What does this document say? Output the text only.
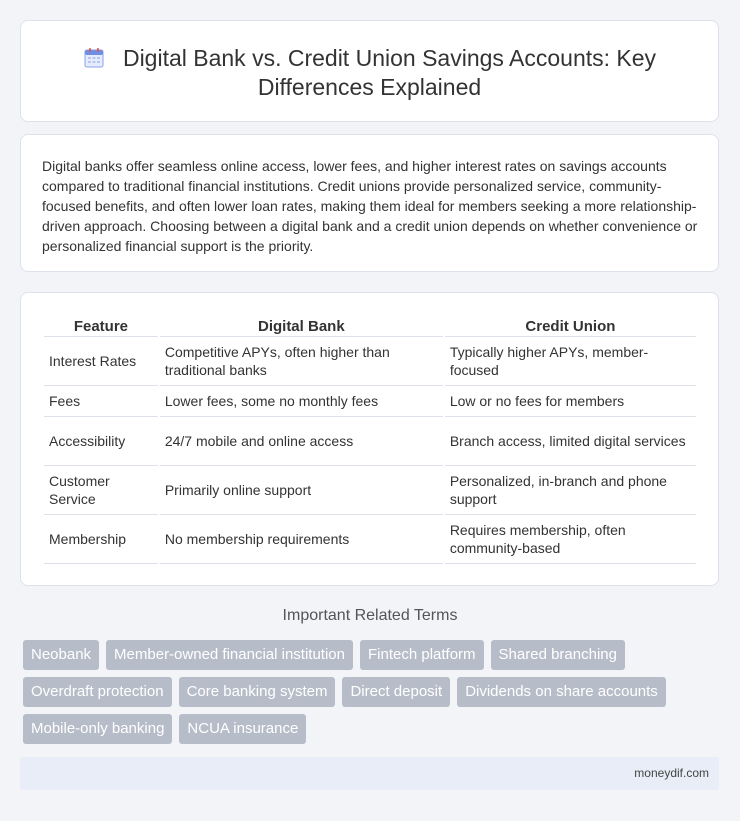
Digital Bank vs. Credit Union Savings Accounts: Key Differences Explained

Digital banks offer seamless online access, lower fees, and higher interest rates on savings accounts compared to traditional financial institutions. Credit unions provide personalized service, community-focused benefits, and often lower loan rates, making them ideal for members seeking a more relationship-driven approach. Choosing between a digital bank and a credit union depends on whether convenience or personalized financial support is the priority.

Feature	Digital Bank	Credit Union
Interest Rates	Competitive APYs, often higher than traditional banks	Typically higher APYs, member-focused
Fees	Lower fees, some no monthly fees	Low or no fees for members
Accessibility	24/7 mobile and online access	Branch access, limited digital services
Customer Service	Primarily online support	Personalized, in-branch and phone support
Membership	No membership requirements	Requires membership, often community-based
Important Related Terms
Neobank	Member-owned financial institution	Fintech platform	Shared branching
Overdraft protection	Core banking system	Direct deposit	Dividends on share accounts
Mobile-only banking	NCUA insurance
moneydif.com
